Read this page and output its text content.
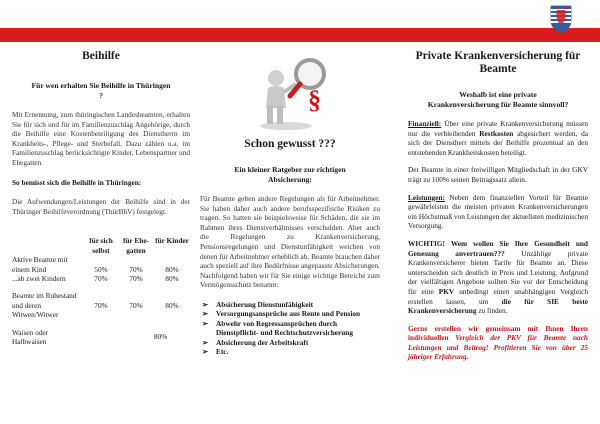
Beihilfe

Für wen erhalten Sie Beihilfe in Thüringen ?

Mit Ernennung, zum thüringischen Landesbeamten, erhalten Sie für sich und für im Familienzuschlag Angehörige, durch die Beihilfe eine Kostenbeteiligung des Dienstherrn im Krankheits-, Pflege- und Sterbefall. Dazu zählen u.a. im Familienzuschlag berücksichtigte Kinder, Lebenspartner und Ehegatten.

So bemisst sich die Beihilfe in Thüringen:

Die Aufwendungen/Leistungen der Beihilfe sind in der Thüringer Beihilfeverordnung (ThürBhV) festgelegt.

	für sich selbst	für Ehe-gatten	für Kinder
Aktive Beamte mit einem Kind	50%	70%	80%
...ab zwei Kindern	70%	70%	80%
Beamte im Ruhestand und deren Witwen/Witwer	70%	70%	80%
Waisen oder Halbwaisen			80%
§

Schon gewusst ???

Ein kleiner Ratgeber zur richtigen Absicherung:

Für Beamte gelten andere Regelungen als für Arbeitnehmer. Sie haben daher auch andere berufsspezifische Risiken zu tragen. So hatten sie beispielsweise für Schäden, die sie im Rahmen ihres Dienstverhältnisses verschulden. Aber auch die Regelungen zu Krankenversicherung, Pensionsregelungen und Dienstunfähigkeit weichen von denen für Arbeitnehmer erheblich ab. Beamte brauchen daher auch speziell auf ihre Bedürfnisse angepasste Absicherungen. Nachfolgend haben wir für Sie einige wichtige Bereiche zum Vermögensschutz benannt:

➢ Absicherung Dienstunfähigkeit
➢ Versorgungsansprüche aus Rente und Pension
➢ Abwehr von Regressansprüchen durch Dienstpflicht- und Rechtschutzversicherung
➢ Absicherung der Arbeitskraft
➢ Etc.

Private Krankenversicherung für Beamte

Weshalb ist eine private Krankenversicherung für Beamte sinnvoll?

Finanziell: Über eine private Krankenversicherung müssen nur die verbleibenden Restkosten abgesichert werden, da sich der Dienstherr mittels der Beihilfe prozentual an den entstehenden Krankheitskosten beteiligt.

Der Beamte in einer freiwilligen Mitgliedschaft in der GKV trägt zu 100% seinen Beitragssatz allein.

Leistungen: Neben dem finanziellen Vorteil für Beamte gewährleisten die meisten privaten Krankenversicherungen ein Höchstmaß von Leistungen der aktuellsten medizinischen Versorgung.

WICHTIG! Wem wollen Sie Ihre Gesundheit und Genesung anvertrauen??? Unzählige private Krankenversicherer bieten Tarife für Beamte an. Diese unterscheiden sich deutlich in Preis und Leistung. Aufgrund der vielfältigen Angebote sollten Sie vor der Entscheidung für eine PKV unbedingt einen unabhängigen Vergleich erstellen lassen, um die für SIE beste Krankenversicherung zu finden.

Gerne erstellen wir gemeinsam mit Ihnen Ihren individuellen Vergleich der PKV für Beamte nach Leistungen und Beitrag! Profitieren Sie von über 25 jähriger Erfahrung.
